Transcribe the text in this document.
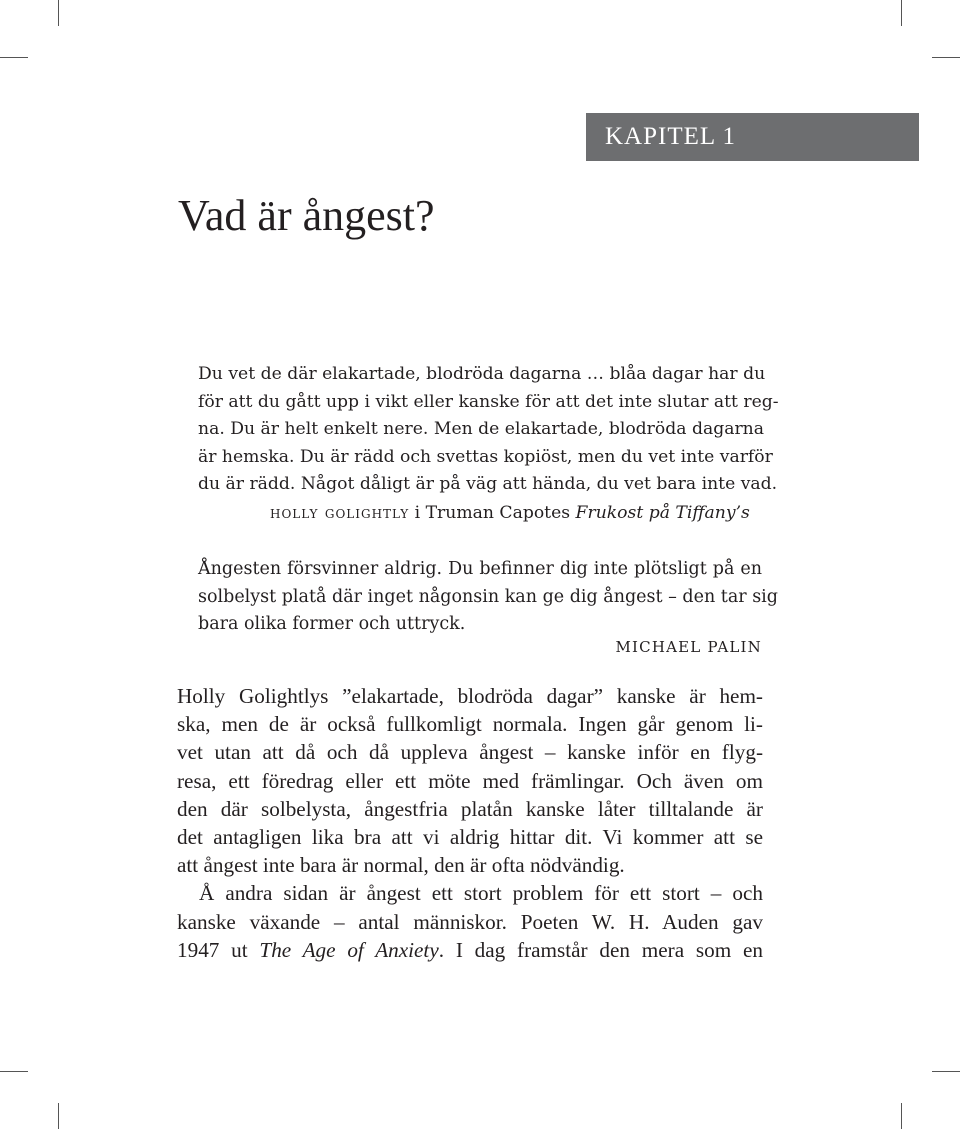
KAPITEL 1
Vad är ångest?
Du vet de där elakartade, blodröda dagarna … blåa dagar har du
för att du gått upp i vikt eller kanske för att det inte slutar att reg-
na. Du är helt enkelt nere. Men de elakartade, blodröda dagarna
är hemska. Du är rädd och svettas kopiöst, men du vet inte varför
du är rädd. Något dåligt är på väg att hända, du vet bara inte vad.
holly golightly i Truman Capotes Frukost på Tiffany’s
Ångesten försvinner aldrig. Du befinner dig inte plötsligt på en
solbelyst platå där inget någonsin kan ge dig ångest – den tar sig
bara olika former och uttryck.
MICHAEL PALIN
Holly Golightlys ”elakartade, blodröda dagar” kanske är hem-
ska, men de är också fullkomligt normala. Ingen går genom li-
vet utan att då och då uppleva ångest – kanske inför en flyg-
resa, ett föredrag eller ett möte med främlingar. Och även om
den där solbelysta, ångestfria platån kanske låter tilltalande är
det antagligen lika bra att vi aldrig hittar dit. Vi kommer att se
att ångest inte bara är normal, den är ofta nödvändig.
Å andra sidan är ångest ett stort problem för ett stort – och
kanske växande – antal människor. Poeten W. H. Auden gav
1947 ut The Age of Anxiety. I dag framstår den mera som en
